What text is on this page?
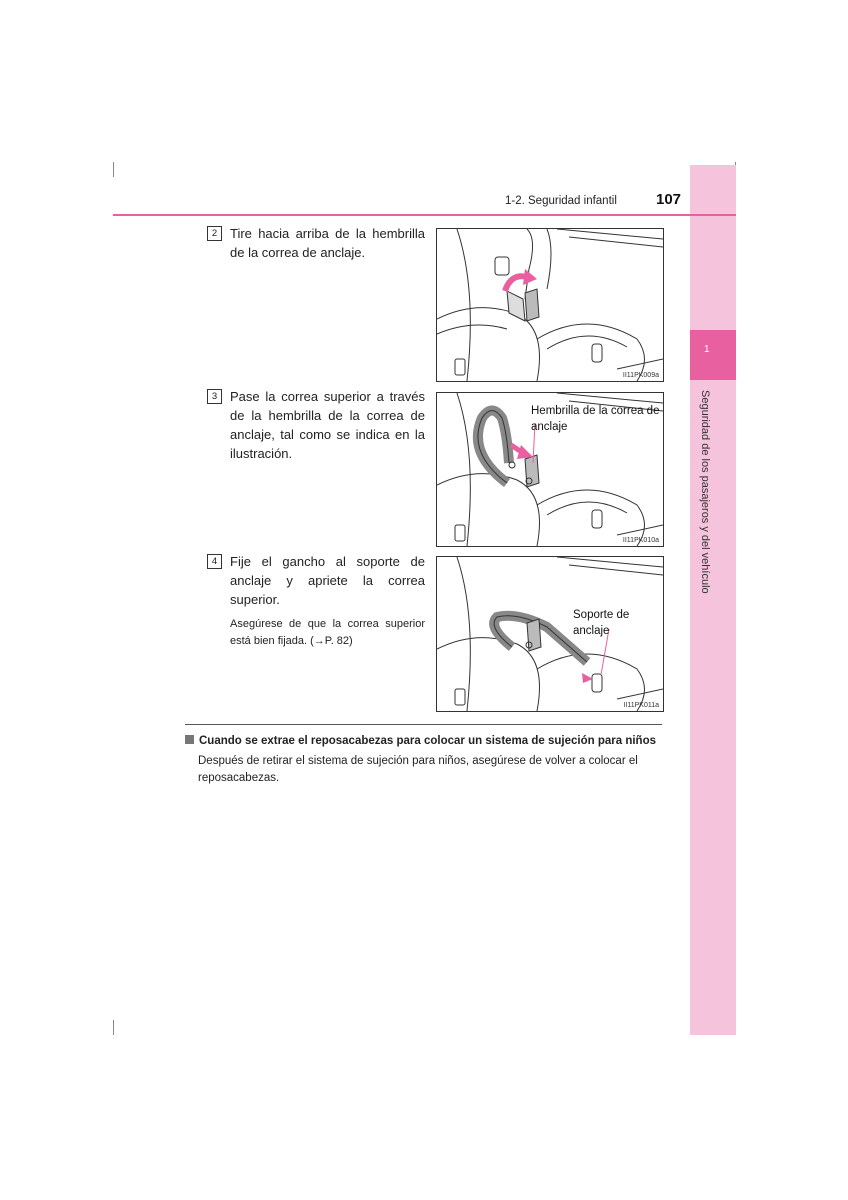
1
Seguridad de los pasajeros y del vehículo
1-2. Seguridad infantil	107
2 Tire hacia arriba de la hembrilla de la correa de anclaje.
II11PK009a
3 Pase la correa superior a través de la hembrilla de la correa de anclaje, tal como se indica en la ilustración.
Hembrilla de la correa de anclaje
II11PK010a
4 Fije el gancho al soporte de anclaje y apriete la correa superior.
Asegúrese de que la correa superior está bien fijada. (→P. 82)
Soporte de anclaje
II11PK011a
Cuando se extrae el reposacabezas para colocar un sistema de sujeción para niños
Después de retirar el sistema de sujeción para niños, asegúrese de volver a colocar el reposacabezas.
